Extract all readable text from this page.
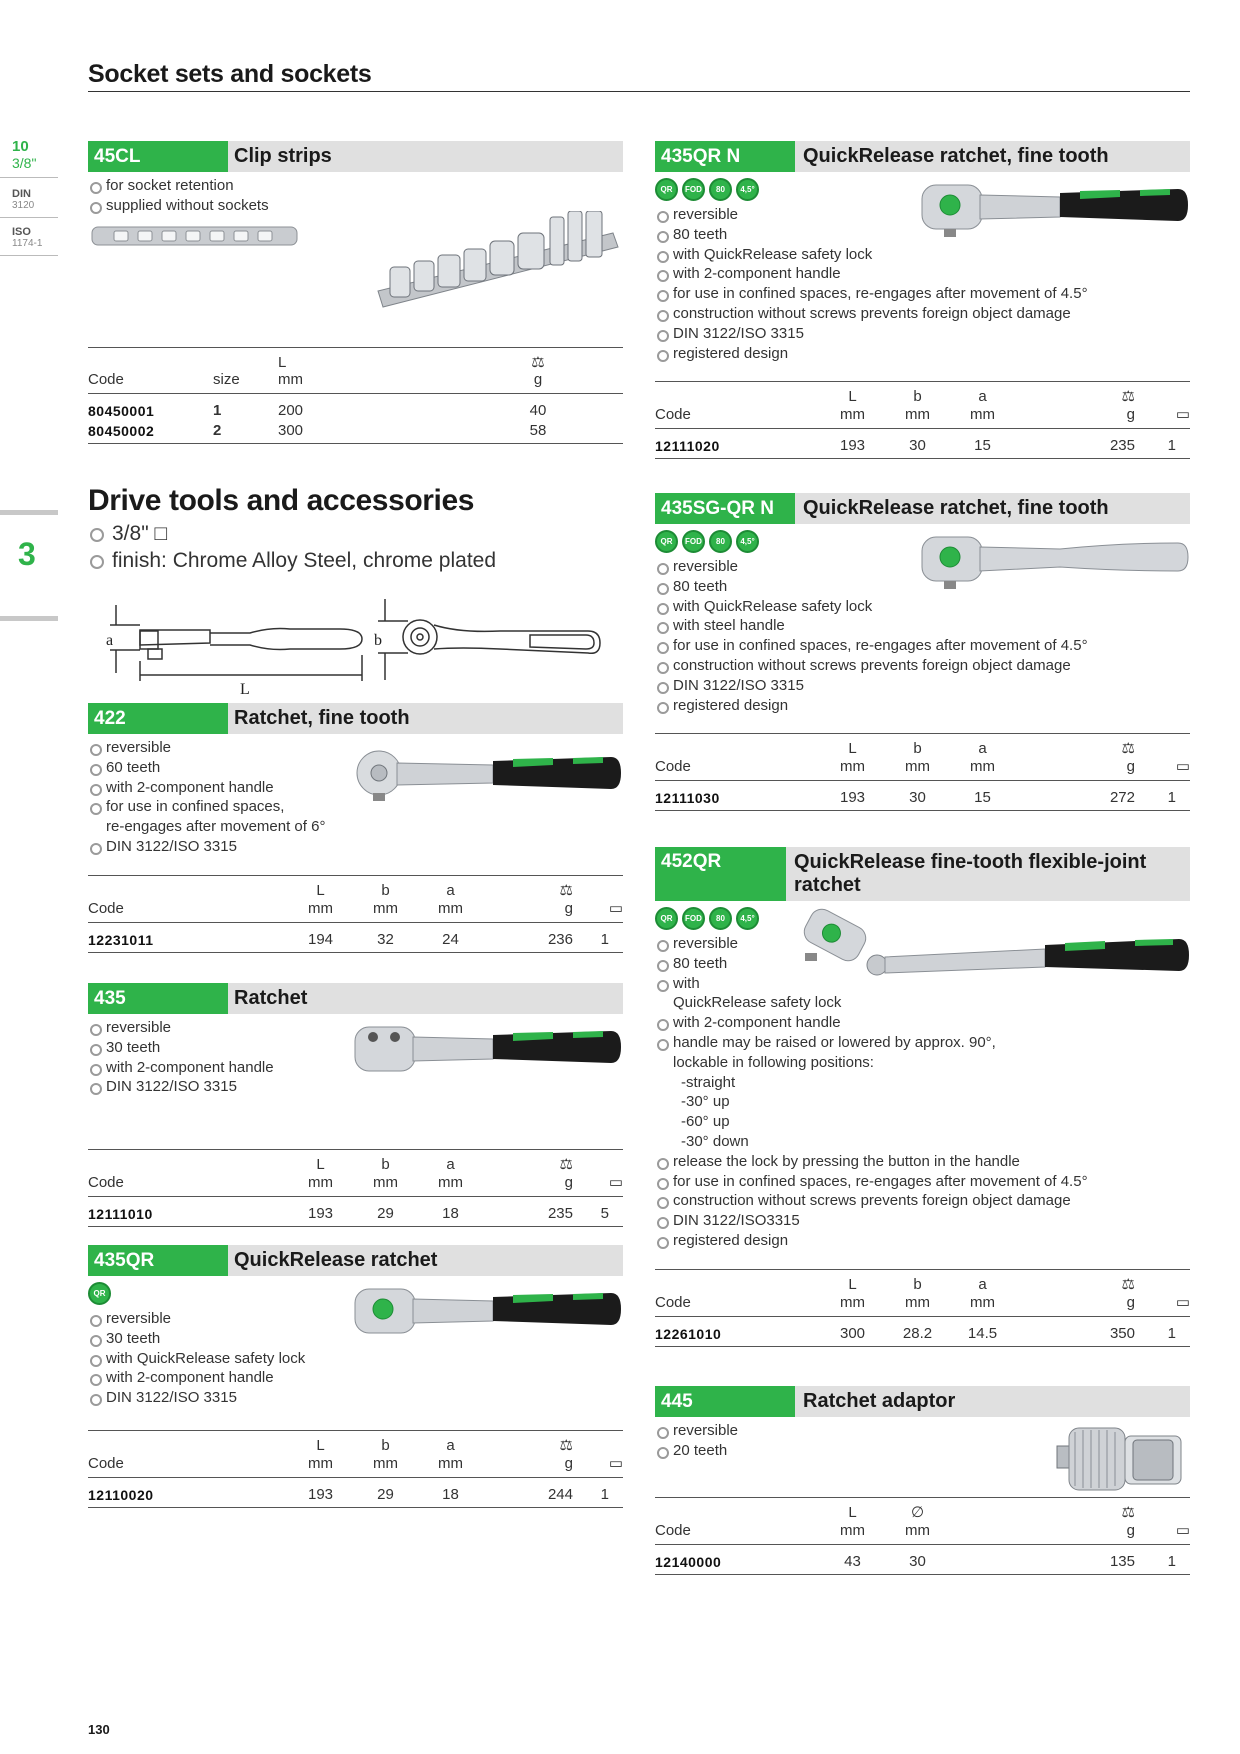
Socket sets and sockets
10
3/8"
DIN
3120
ISO
1174-1
3
45CL	Clip strips
for socket retention
supplied without sockets
		L	⚖	
Code	size	mm	g	
80450001	1	200	40	
80450002	2	300	58	
Drive tools and accessories
3/8" □
finish: Chrome Alloy Steel, chrome plated
a	b
L
422	Ratchet, fine tooth
reversible
60 teeth
with 2-component handle
for use in confined spaces,
re-engages after movement of 6°
DIN 3122/ISO 3315
	L	b	a	⚖	
Code	mm	mm	mm	g	▭
12231011	194	32	24	236	1
435	Ratchet
reversible
30 teeth
with 2-component handle
DIN 3122/ISO 3315
	L	b	a	⚖	
Code	mm	mm	mm	g	▭
12111010	193	29	18	235	5
435QR	QuickRelease ratchet
QR
reversible
30 teeth
with QuickRelease safety lock
with 2-component handle
DIN 3122/ISO 3315
	L	b	a	⚖	
Code	mm	mm	mm	g	▭
12110020	193	29	18	244	1
435QR N	QuickRelease ratchet, fine tooth
QR	FOD	80	4,5°
reversible
80 teeth
with QuickRelease safety lock
with 2-component handle
for use in confined spaces, re-engages after movement of 4.5°
construction without screws prevents foreign object damage
DIN 3122/ISO 3315
registered design
	L	b	a	⚖	
Code	mm	mm	mm	g	▭
12111020	193	30	15	235	1
435SG-QR N	QuickRelease ratchet, fine tooth
QR	FOD	80	4,5°
reversible
80 teeth
with QuickRelease safety lock
with steel handle
for use in confined spaces, re-engages after movement of 4.5°
construction without screws prevents foreign object damage
DIN 3122/ISO 3315
registered design
	L	b	a	⚖	
Code	mm	mm	mm	g	▭
12111030	193	30	15	272	1
452QR	QuickRelease fine-tooth flexible-joint ratchet
QR	FOD	80	4,5°
reversible
80 teeth
with
QuickRelease safety lock
with 2-component handle
handle may be raised or lowered by approx. 90°,
lockable in following positions:
-straight
-30° up
-60° up
-30° down
release the lock by pressing the button in the handle
for use in confined spaces, re-engages after movement of 4.5°
construction without screws prevents foreign object damage
DIN 3122/ISO3315
registered design
	L	b	a	⚖	
Code	mm	mm	mm	g	▭
12261010	300	28.2	14.5	350	1
445	Ratchet adaptor
reversible
20 teeth
	L	∅		⚖	
Code	mm	mm		g	▭
12140000	43	30		135	1
130
